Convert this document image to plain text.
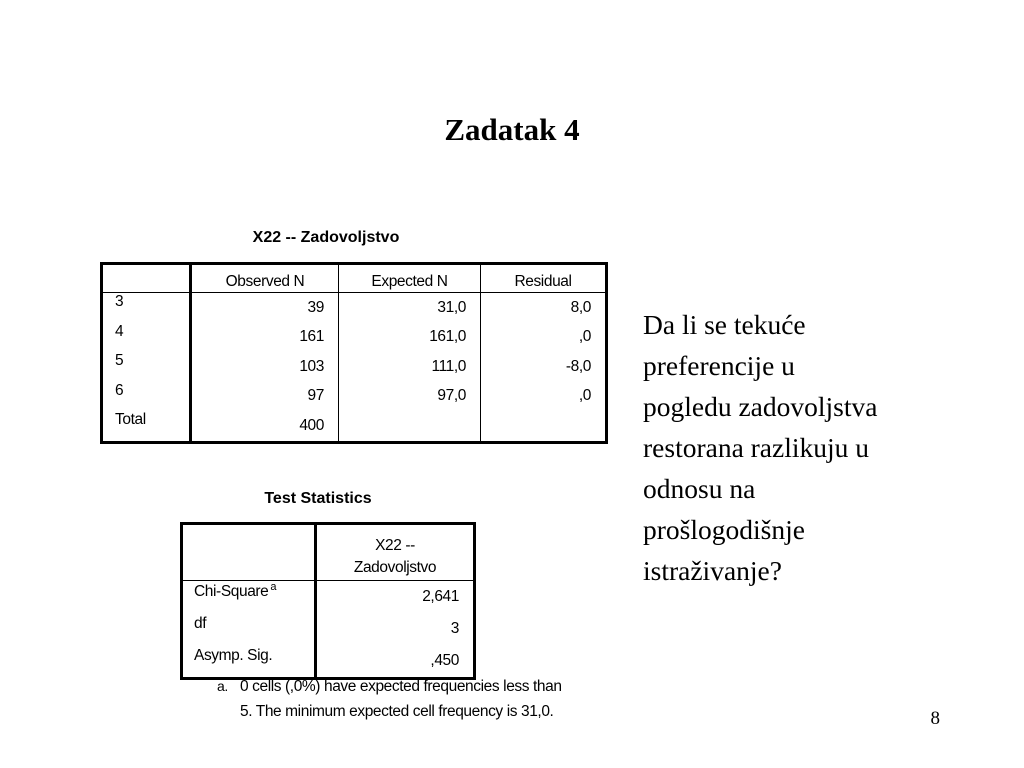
Zadatak 4
X22 -- Zadovoljstvo
	Observed N	Expected N	Residual
3	39	31,0	8,0
4	161	161,0	,0
5	103	111,0	-8,0
6	97	97,0	,0
Total	400		
Test Statistics

	X22 --
Zadovoljstvo

Chi-Square $^a$	2,641
df	3
Asymp. Sig.	,450
a. 0 cells (,0%) have expected frequencies less than
5. The minimum expected cell frequency is 31,0.
Da li se tekuće
preferencije u
pogledu zadovoljstva
restorana razlikuju u
odnosu na
prošlogodišnje
istraživanje?
8
